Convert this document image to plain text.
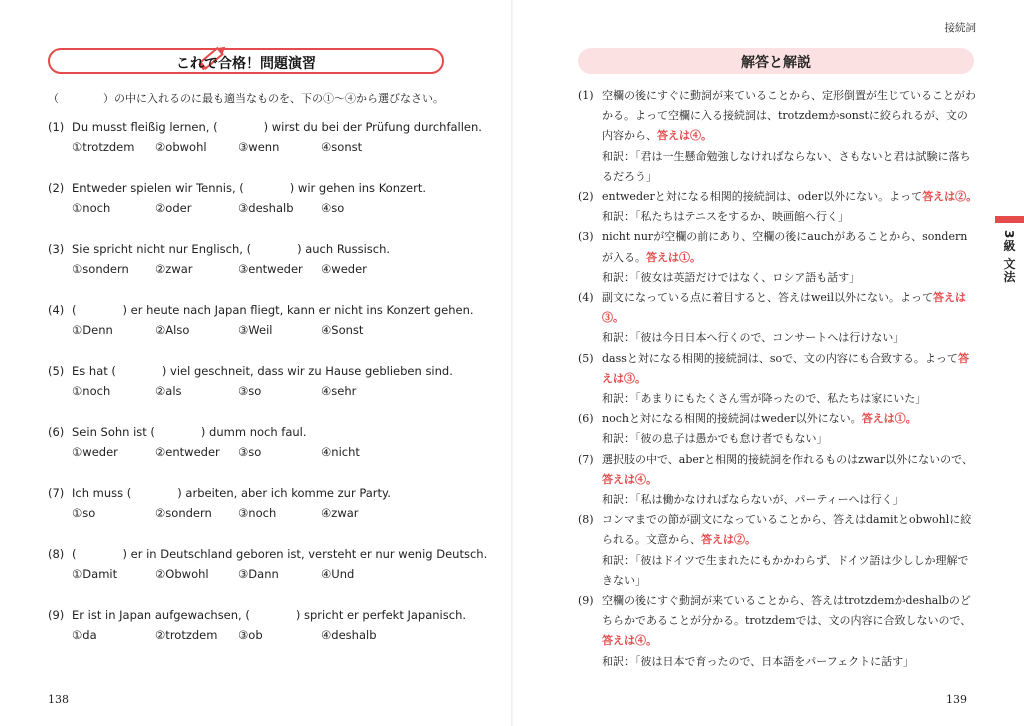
これで合格！問題演習
（　　　　）の中に入れるのに最も適当なものを、下の①～④から選びなさい。
(1) Du musst fleißig lernen, (　　　　) wirst du bei der Prüfung durchfallen.
①trotzdem ②obwohl	③wenn	④sonst
(2) Entweder spielen wir Tennis, (　　　　) wir gehen ins Konzert.
①noch	②oder	③deshalb ④so
(3) Sie spricht nicht nur Englisch, (　　　　) auch Russisch.
①sondern ②zwar	③entweder ④weder
(4) (　　　　) er heute nach Japan fliegt, kann er nicht ins Konzert gehen.
①Denn	②Also	③Weil	④Sonst
(5) Es hat (　　　　) viel geschneit, dass wir zu Hause geblieben sind.
①noch	②als	③so	④sehr
(6) Sein Sohn ist (　　　　) dumm noch faul.
①weder	②entweder ③so	④nicht
(7) Ich muss (　　　　) arbeiten, aber ich komme zur Party.
①so	②sondern ③noch	④zwar
(8) (　　　　) er in Deutschland geboren ist, versteht er nur wenig Deutsch.
①Damit	②Obwohl	③Dann	④Und
(9) Er ist in Japan aufgewachsen, (　　　　) spricht er perfekt Japanisch.
①da	②trotzdem ③ob	④deshalb
138
接続詞
解答と解説
(1) 空欄の後にすぐに動詞が来ていることから、定形倒置が生じていることがわかる。よって空欄に入る接続詞は、trotzdemかsonstに絞られるが、文の内容から、答えは④。
和訳：「君は一生懸命勉強しなければならない、さもないと君は試験に落ちるだろう」
(2) entwederと対になる相関的接続詞は、oder以外にない。よって答えは②。
和訳：「私たちはテニスをするか、映画館へ行く」
(3) nicht nurが空欄の前にあり、空欄の後にauchがあることから、sondernが入る。答えは①。
和訳：「彼女は英語だけではなく、ロシア語も話す」
(4) 副文になっている点に着目すると、答えはweil以外にない。よって答えは③。
和訳：「彼は今日日本へ行くので、コンサートへは行けない」
(5) dassと対になる相関的接続詞は、soで、文の内容にも合致する。よって答えは③。
和訳：「あまりにもたくさん雪が降ったので、私たちは家にいた」
(6) nochと対になる相関的接続詞はweder以外にない。答えは①。
和訳：「彼の息子は愚かでも怠け者でもない」
(7) 選択肢の中で、aberと相関的接続詞を作れるものはzwar以外にないので、答えは④。
和訳：「私は働かなければならないが、パーティーへは行く」
(8) コンマまでの節が副文になっていることから、答えはdamitとobwohlに絞られる。文意から、答えは②。
和訳：「彼はドイツで生まれたにもかかわらず、ドイツ語は少ししか理解できない」
(9) 空欄の後にすぐ動詞が来ていることから、答えはtrotzdemかdeshalbのどちらかであることが分かる。trotzdemでは、文の内容に合致しないので、答えは④。
和訳：「彼は日本で育ったので、日本語をパーフェクトに話す」
3級 文法
139
